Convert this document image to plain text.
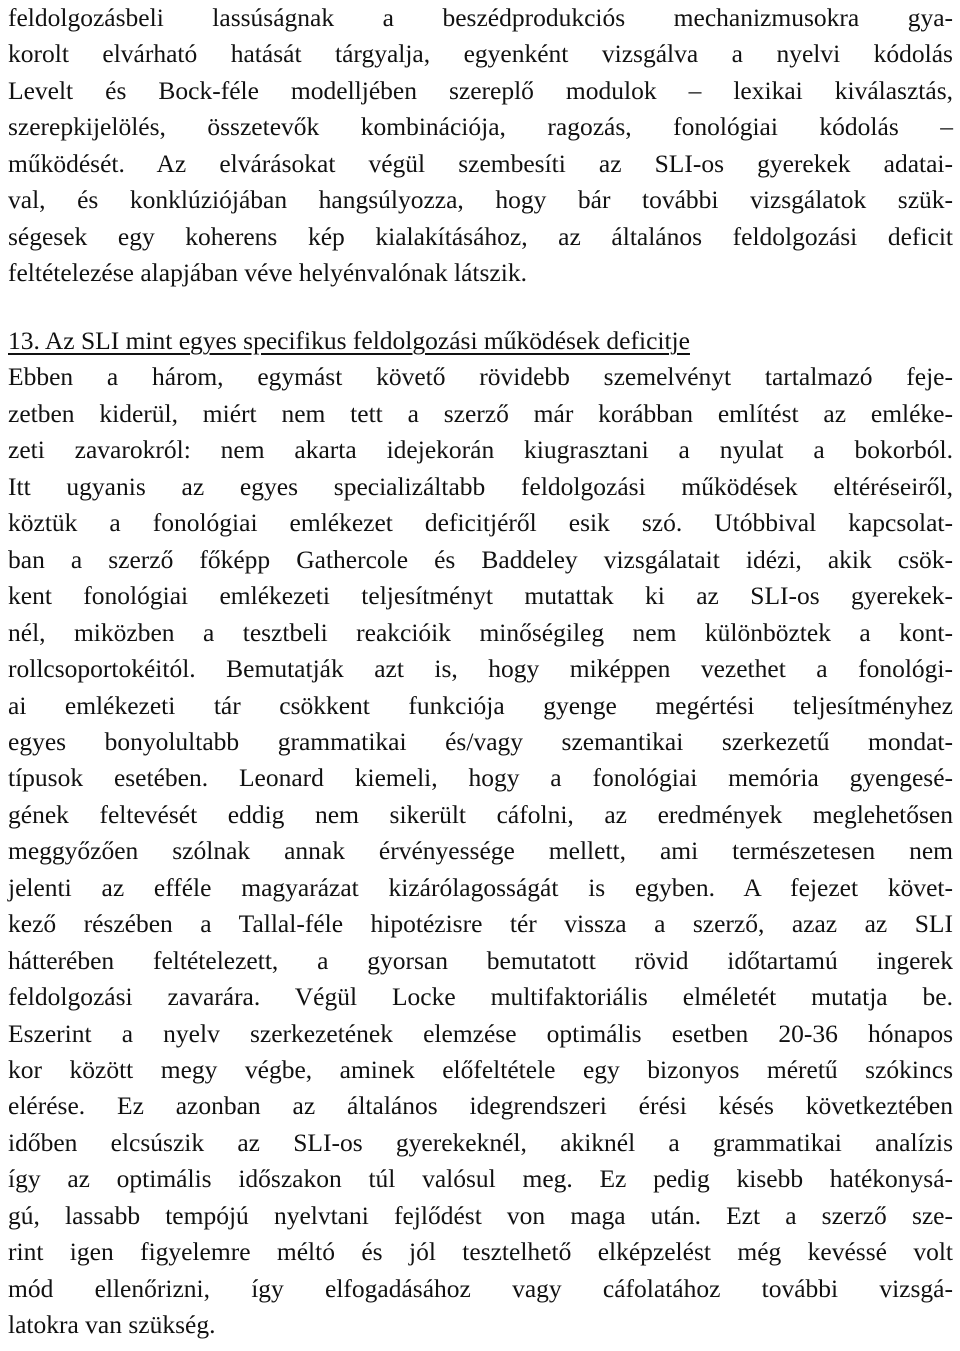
feldolgozásbeli lassúságnak a beszédprodukciós mechanizmusokra gya-
korolt elvárható hatását tárgyalja, egyenként vizsgálva a nyelvi kódolás
Levelt és Bock-féle modelljében szereplő modulok – lexikai kiválasztás,
szerepkijelölés, összetevők kombinációja, ragozás, fonológiai kódolás –
működését. Az elvárásokat végül szembesíti az SLI-os gyerekek adatai-
val, és konklúziójában hangsúlyozza, hogy bár további vizsgálatok szük-
ségesek egy koherens kép kialakításához, az általános feldolgozási deficit
feltételezése alapjában véve helyénvalónak látszik.
13. Az SLI mint egyes specifikus feldolgozási működések deficitje
Ebben a három, egymást követő rövidebb szemelvényt tartalmazó feje-
zetben kiderül, miért nem tett a szerző már korábban említést az emléke-
zeti zavarokról: nem akarta idejekorán kiugrasztani a nyulat a bokorból.
Itt ugyanis az egyes specializáltabb feldolgozási működések eltéréseiről,
köztük a fonológiai emlékezet deficitjéről esik szó. Utóbbival kapcsolat-
ban a szerző főképp Gathercole és Baddeley vizsgálatait idézi, akik csök-
kent fonológiai emlékezeti teljesítményt mutattak ki az SLI-os gyerekek-
nél, miközben a tesztbeli reakcióik minőségileg nem különböztek a kont-
rollcsoportokéitól. Bemutatják azt is, hogy miképpen vezethet a fonológi-
ai emlékezeti tár csökkent funkciója gyenge megértési teljesítményhez
egyes bonyolultabb grammatikai és/vagy szemantikai szerkezetű mondat-
típusok esetében. Leonard kiemeli, hogy a fonológiai memória gyengesé-
gének feltevését eddig nem sikerült cáfolni, az eredmények meglehetősen
meggyőzően szólnak annak érvényessége mellett, ami természetesen nem
jelenti az efféle magyarázat kizárólagosságát is egyben. A fejezet követ-
kező részében a Tallal-féle hipotézisre tér vissza a szerző, azaz az SLI
hátterében feltételezett, a gyorsan bemutatott rövid időtartamú ingerek
feldolgozási zavarára. Végül Locke multifaktoriális elméletét mutatja be.
Eszerint a nyelv szerkezetének elemzése optimális esetben 20-36 hónapos
kor között megy végbe, aminek előfeltétele egy bizonyos méretű szókincs
elérése. Ez azonban az általános idegrendszeri érési késés következtében
időben elcsúszik az SLI-os gyerekeknél, akiknél a grammatikai analízis
így az optimális időszakon túl valósul meg. Ez pedig kisebb hatékonysá-
gú, lassabb tempójú nyelvtani fejlődést von maga után. Ezt a szerző sze-
rint igen figyelemre méltó és jól tesztelhető elképzelést még kevéssé volt
mód ellenőrizni, így elfogadásához vagy cáfolatához további vizsgá-
latokra van szükség.
